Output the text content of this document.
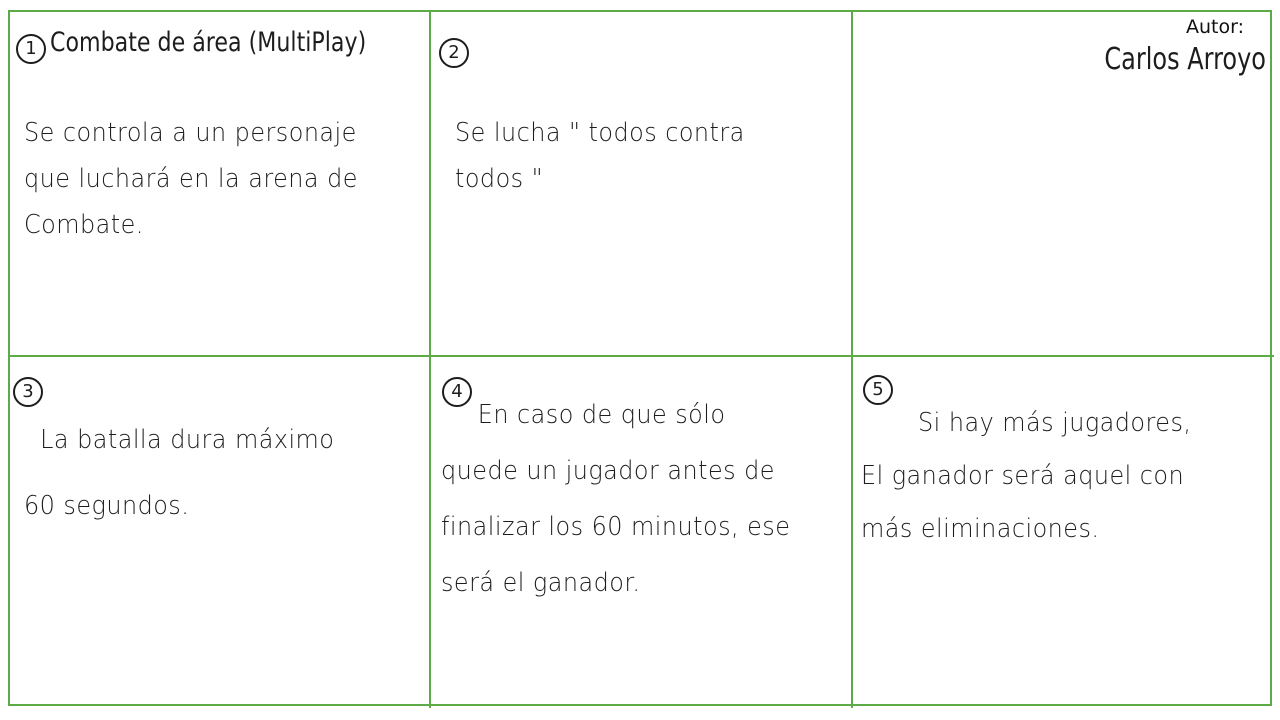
1 Combate de área (MultiPlay)
Se controla a un personaje
que luchará en la arena de
Combate.
2
Se lucha " todos contra
todos "
Autor:
Carlos Arroyo
3
La batalla dura máximo
60 segundos.
4
En caso de que sólo
quede un jugador antes de
finalizar los 60 minutos, ese
será el ganador.
5
Si hay más jugadores,
El ganador será aquel con
más eliminaciones.
